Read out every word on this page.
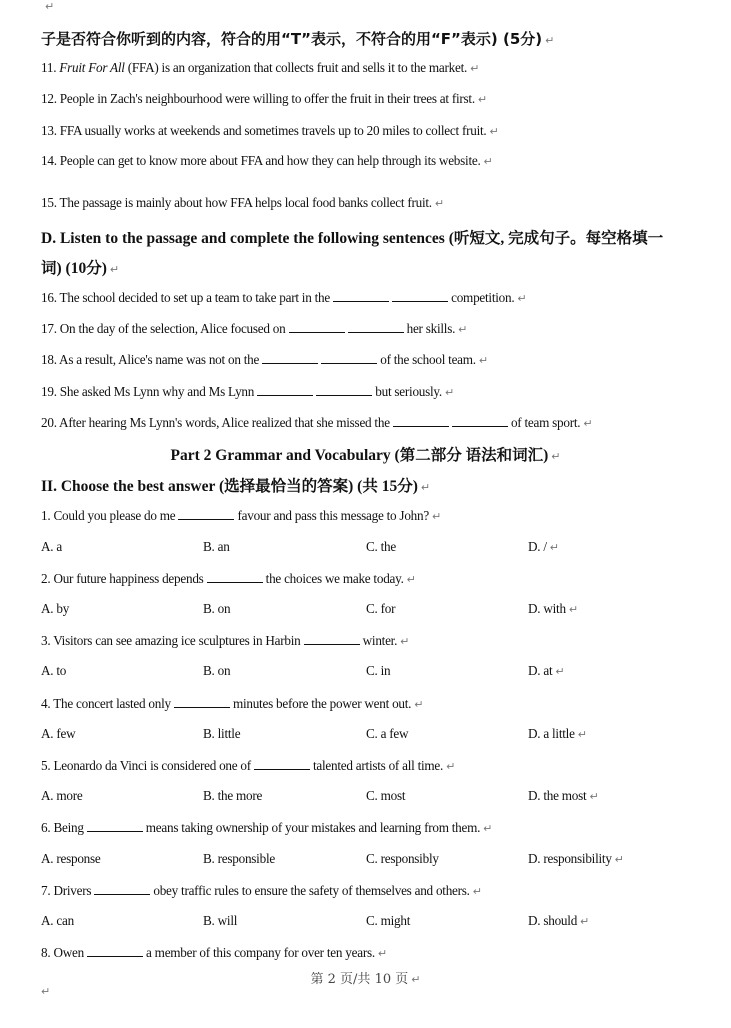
↵
子是否符合你听到的内容，符合的用“T”表示，不符合的用“F”表示) (5分) ↵
11. Fruit For All (FFA) is an organization that collects fruit and sells it to the market. ↵
12. People in Zach's neighbourhood were willing to offer the fruit in their trees at first. ↵
13. FFA usually works at weekends and sometimes travels up to 20 miles to collect fruit. ↵
14. People can get to know more about FFA and how they can help through its website. ↵
15. The passage is mainly about how FFA helps local food banks collect fruit. ↵
D. Listen to the passage and complete the following sentences (听短文, 完成句子。每空格填一
词) (10分) ↵
16. The school decided to set up a team to take part in the	competition. ↵
17. On the day of the selection, Alice focused on	her skills. ↵
18. As a result, Alice's name was not on the	of the school team. ↵
19. She asked Ms Lynn why and Ms Lynn	but seriously. ↵
20. After hearing Ms Lynn's words, Alice realized that she missed the	of team sport. ↵
Part 2 Grammar and Vocabulary (第二部分 语法和词汇) ↵
II. Choose the best answer (选择最恰当的答案) (共 15分) ↵
1. Could you please do me	favour and pass this message to John? ↵
A. a	B. an	C. the	D. / ↵
2. Our future happiness depends	the choices we make today. ↵
A. by	B. on	C. for	D. with ↵
3. Visitors can see amazing ice sculptures in Harbin	winter. ↵
A. to	B. on	C. in	D. at ↵
4. The concert lasted only	minutes before the power went out. ↵
A. few	B. little	C. a few	D. a little ↵
5. Leonardo da Vinci is considered one of	talented artists of all time. ↵
A. more	B. the more	C. most	D. the most ↵
6. Being	means taking ownership of your mistakes and learning from them. ↵
A. response	B. responsible	C. responsibly	D. responsibility ↵
7. Drivers	obey traffic rules to ensure the safety of themselves and others. ↵
A. can	B. will	C. might	D. should ↵
8. Owen	a member of this company for over ten years. ↵
第 2 页/共 10 页 ↵
↵
